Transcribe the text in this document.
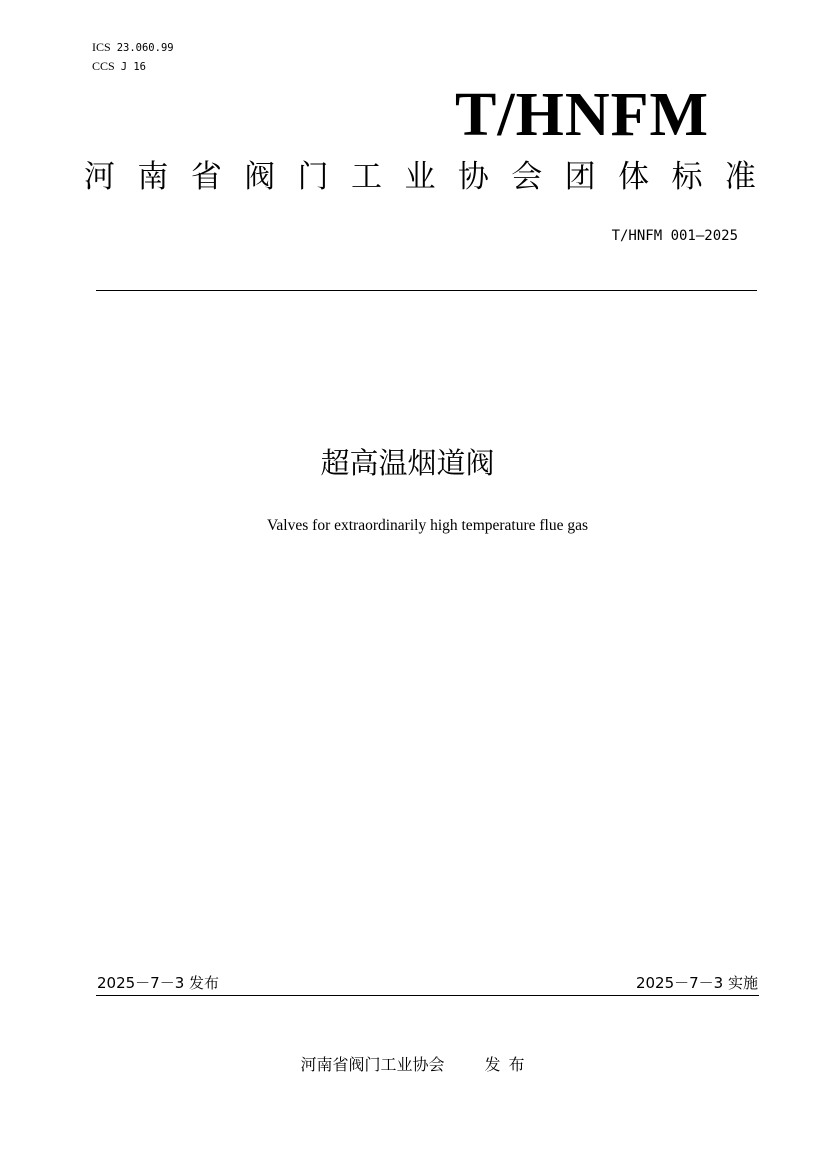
ICS 23.060.99
CCS J 16
T/HNFM
河 南 省 阀 门 工 业 协 会 团 体 标 准
T/HNFM 001—2025
超高温烟道阀
Valves for extraordinarily high temperature flue gas
2025－7－3 发布	2025－7－3 实施
河南省阀门工业协会	发布
